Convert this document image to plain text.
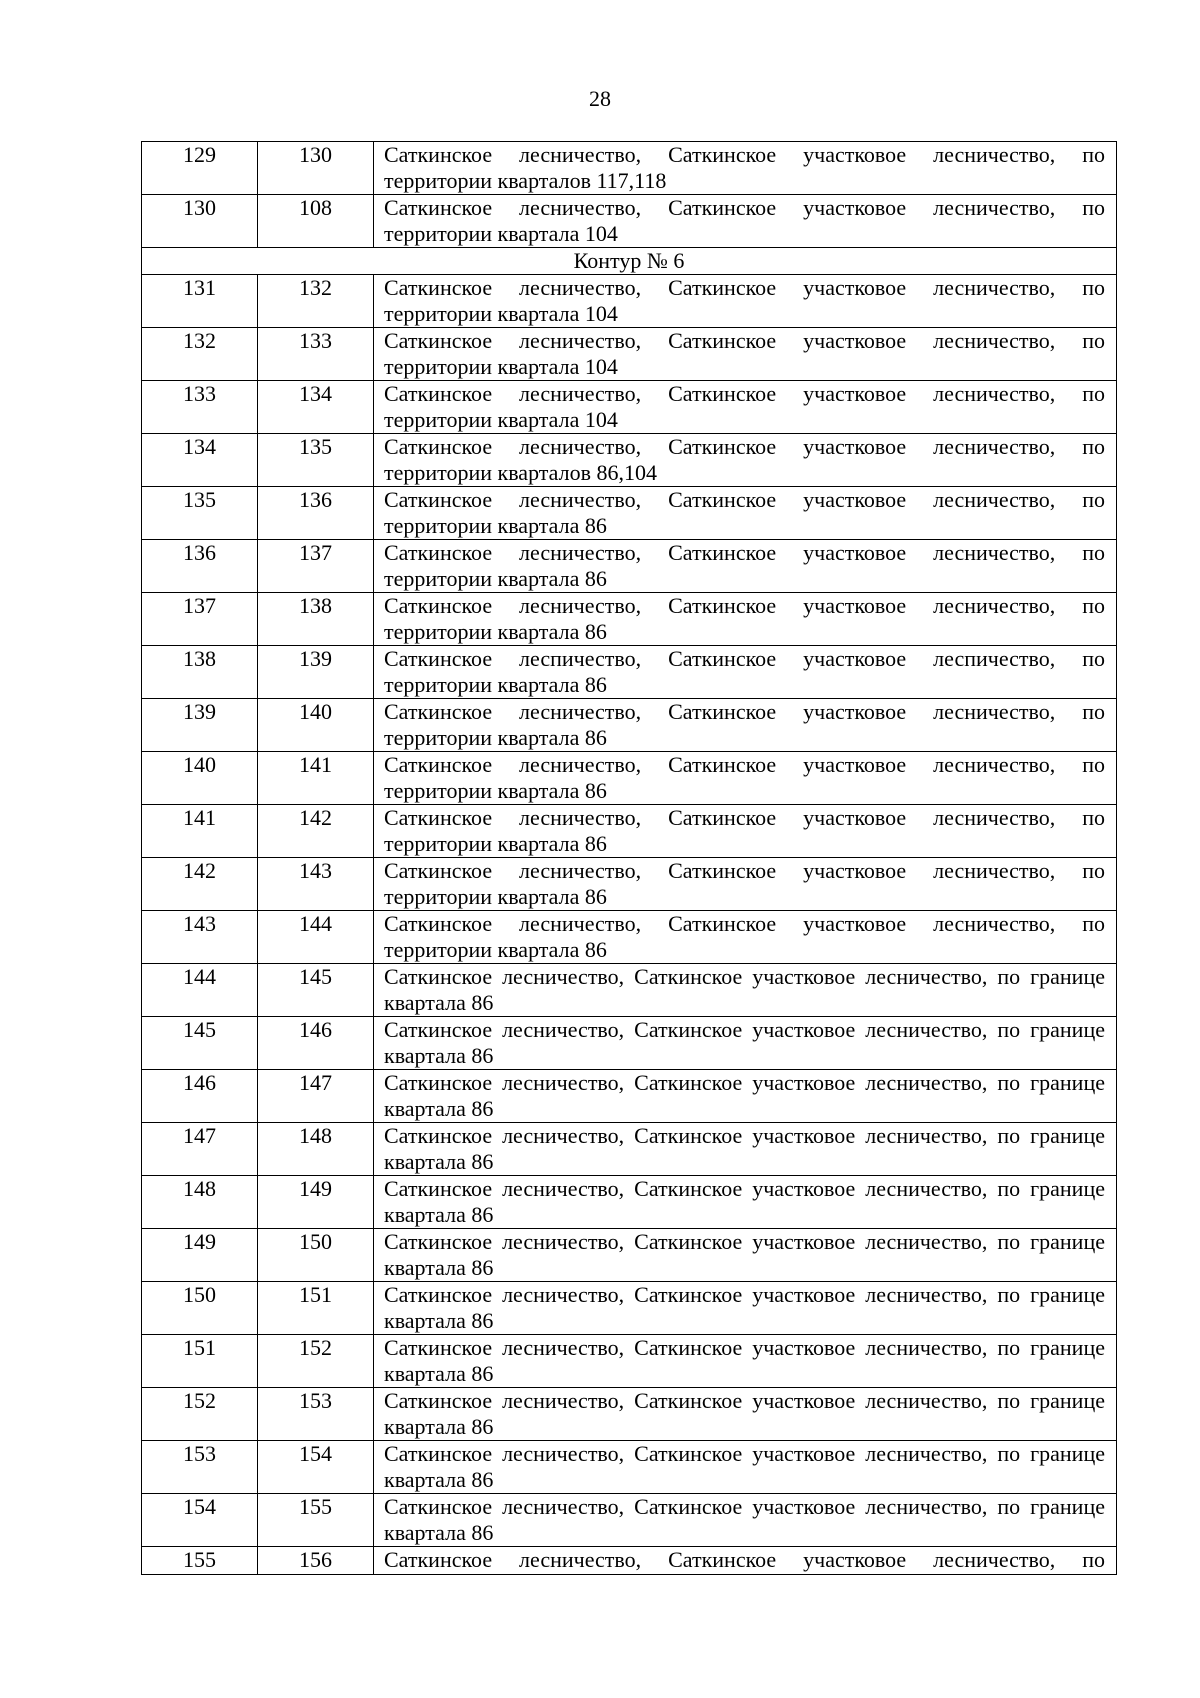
28
129	130	Саткинское лесничество, Саткинское участковое лесничество, по территории кварталов 117,118
130	108	Саткинское лесничество, Саткинское участковое лесничество, по территории квартала 104
Контур № 6		
131	132	Саткинское лесничество, Саткинское участковое лесничество, по территории квартала 104
132	133	Саткинское лесничество, Саткинское участковое лесничество, по территории квартала 104
133	134	Саткинское лесничество, Саткинское участковое лесничество, по территории квартала 104
134	135	Саткинское лесничество, Саткинское участковое лесничество, по территории кварталов 86,104
135	136	Саткинское лесничество, Саткинское участковое лесничество, по территории квартала 86
136	137	Саткинское лесничество, Саткинское участковое лесничество, по территории квартала 86
137	138	Саткинское лесничество, Саткинское участковое лесничество, по территории квартала 86
138	139	Саткинское леспичество, Саткинское участковое леспичество, по территории квартала 86
139	140	Саткинское лесничество, Саткинское участковое лесничество, по территории квартала 86
140	141	Саткинское лесничество, Саткинское участковое лесничество, по территории квартала 86
141	142	Саткинское лесничество, Саткинское участковое лесничество, по территории квартала 86
142	143	Саткинское лесничество, Саткинское участковое лесничество, по территории квартала 86
143	144	Саткинское лесничество, Саткинское участковое лесничество, по территории квартала 86
144	145	Саткинское лесничество, Саткинское участковое лесничество, по границе квартала 86
145	146	Саткинское лесничество, Саткинское участковое лесничество, по границе квартала 86
146	147	Саткинское лесничество, Саткинское участковое лесничество, по границе квартала 86
147	148	Саткинское лесничество, Саткинское участковое лесничество, по границе квартала 86
148	149	Саткинское лесничество, Саткинское участковое лесничество, по границе квартала 86
149	150	Саткинское лесничество, Саткинское участковое лесничество, по границе квартала 86
150	151	Саткинское лесничество, Саткинское участковое лесничество, по границе квартала 86
151	152	Саткинское лесничество, Саткинское участковое лесничество, по границе квартала 86
152	153	Саткинское лесничество, Саткинское участковое лесничество, по границе квартала 86
153	154	Саткинское лесничество, Саткинское участковое лесничество, по границе квартала 86
154	155	Саткинское лесничество, Саткинское участковое лесничество, по границе квартала 86
155	156	Саткинское лесничество, Саткинское участковое лесничество, по
